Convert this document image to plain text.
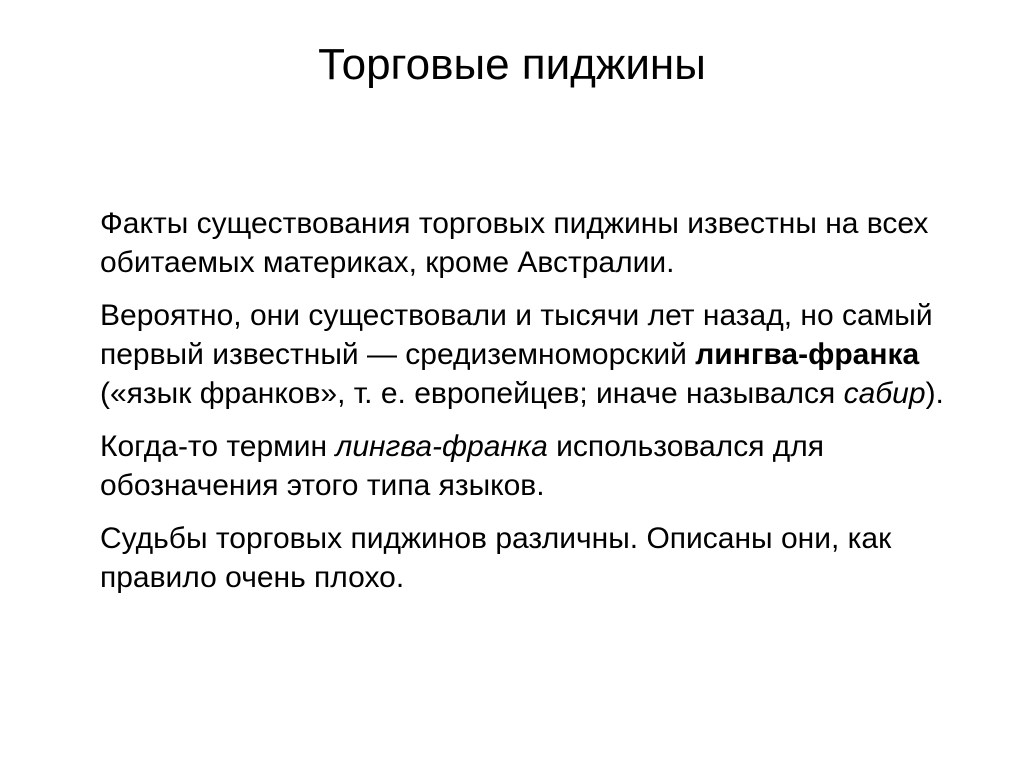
Торговые пиджины

Факты существования торговых пиджины известны на всех обитаемых материках, кроме Австралии.

Вероятно, они существовали и тысячи лет назад, но самый первый известный — средиземноморский лингва-франка («язык франков», т. е. европейцев; иначе назывался сабир).

Когда-то термин лингва-франка использовался для обозначения этого типа языков.

Судьбы торговых пиджинов различны. Описаны они, как правило очень плохо.
